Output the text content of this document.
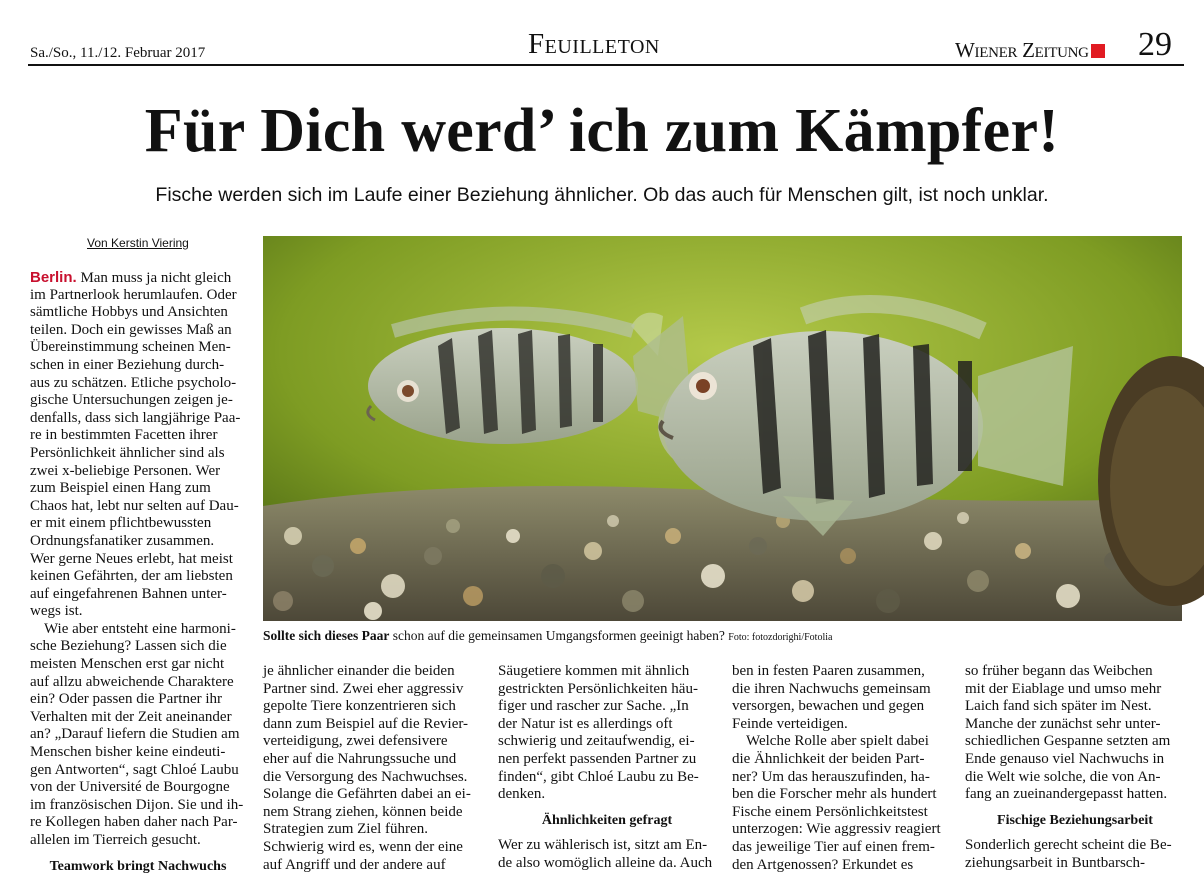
Sa./So., 11./12. Februar 2017	Feuilleton	Wiener Zeitung 29
Für Dich werd’ ich zum Kämpfer!
Fische werden sich im Laufe einer Beziehung ähnlicher. Ob das auch für Menschen gilt, ist noch unklar.
Von Kerstin Viering
Sollte sich dieses Paar schon auf die gemeinsamen Umgangsformen geeinigt haben? Foto: fotozdorighi/Fotolia
Berlin. Man muss ja nicht gleich
im Partnerlook herumlaufen. Oder
sämtliche Hobbys und Ansichten
teilen. Doch ein gewisses Maß an
Übereinstimmung scheinen Men-
schen in einer Beziehung durch-
aus zu schätzen. Etliche psycholo-
gische Untersuchungen zeigen je-
denfalls, dass sich langjährige Paa-
re in bestimmten Facetten ihrer
Persönlichkeit ähnlicher sind als
zwei x-beliebige Personen. Wer
zum Beispiel einen Hang zum
Chaos hat, lebt nur selten auf Dau-
er mit einem pflichtbewussten
Ordnungsfanatiker zusammen.
Wer gerne Neues erlebt, hat meist
keinen Gefährten, der am liebsten
auf eingefahrenen Bahnen unter-
wegs ist.
Wie aber entsteht eine harmoni-
sche Beziehung? Lassen sich die
meisten Menschen erst gar nicht
auf allzu abweichende Charaktere
ein? Oder passen die Partner ihr
Verhalten mit der Zeit aneinander
an? „Darauf liefern die Studien am
Menschen bisher keine eindeuti-
gen Antworten“, sagt Chloé Laubu
von der Université de Bourgogne
im französischen Dijon. Sie und ih-
re Kollegen haben daher nach Par-
allelen im Tierreich gesucht.
Teamwork bringt Nachwuchs
je ähnlicher einander die beiden
Partner sind. Zwei eher aggressiv
gepolte Tiere konzentrieren sich
dann zum Beispiel auf die Revier-
verteidigung, zwei defensivere
eher auf die Nahrungssuche und
die Versorgung des Nachwuchses.
Solange die Gefährten dabei an ei-
nem Strang ziehen, können beide
Strategien zum Ziel führen.
Schwierig wird es, wenn der eine
auf Angriff und der andere auf
Säugetiere kommen mit ähnlich
gestrickten Persönlichkeiten häu-
figer und rascher zur Sache. „In
der Natur ist es allerdings oft
schwierig und zeitaufwendig, ei-
nen perfekt passenden Partner zu
finden“, gibt Chloé Laubu zu Be-
denken.
Ähnlichkeiten gefragt
Wer zu wählerisch ist, sitzt am En-
de also womöglich alleine da. Auch
ben in festen Paaren zusammen,
die ihren Nachwuchs gemeinsam
versorgen, bewachen und gegen
Feinde verteidigen.
Welche Rolle aber spielt dabei
die Ähnlichkeit der beiden Part-
ner? Um das herauszufinden, ha-
ben die Forscher mehr als hundert
Fische einem Persönlichkeitstest
unterzogen: Wie aggressiv reagiert
das jeweilige Tier auf einen frem-
den Artgenossen? Erkundet es
so früher begann das Weibchen
mit der Eiablage und umso mehr
Laich fand sich später im Nest.
Manche der zunächst sehr unter-
schiedlichen Gespanne setzten am
Ende genauso viel Nachwuchs in
die Welt wie solche, die von An-
fang an zueinandergepasst hatten.
Fischige Beziehungsarbeit
Sonderlich gerecht scheint die Be-
ziehungsarbeit in Buntbarsch-
